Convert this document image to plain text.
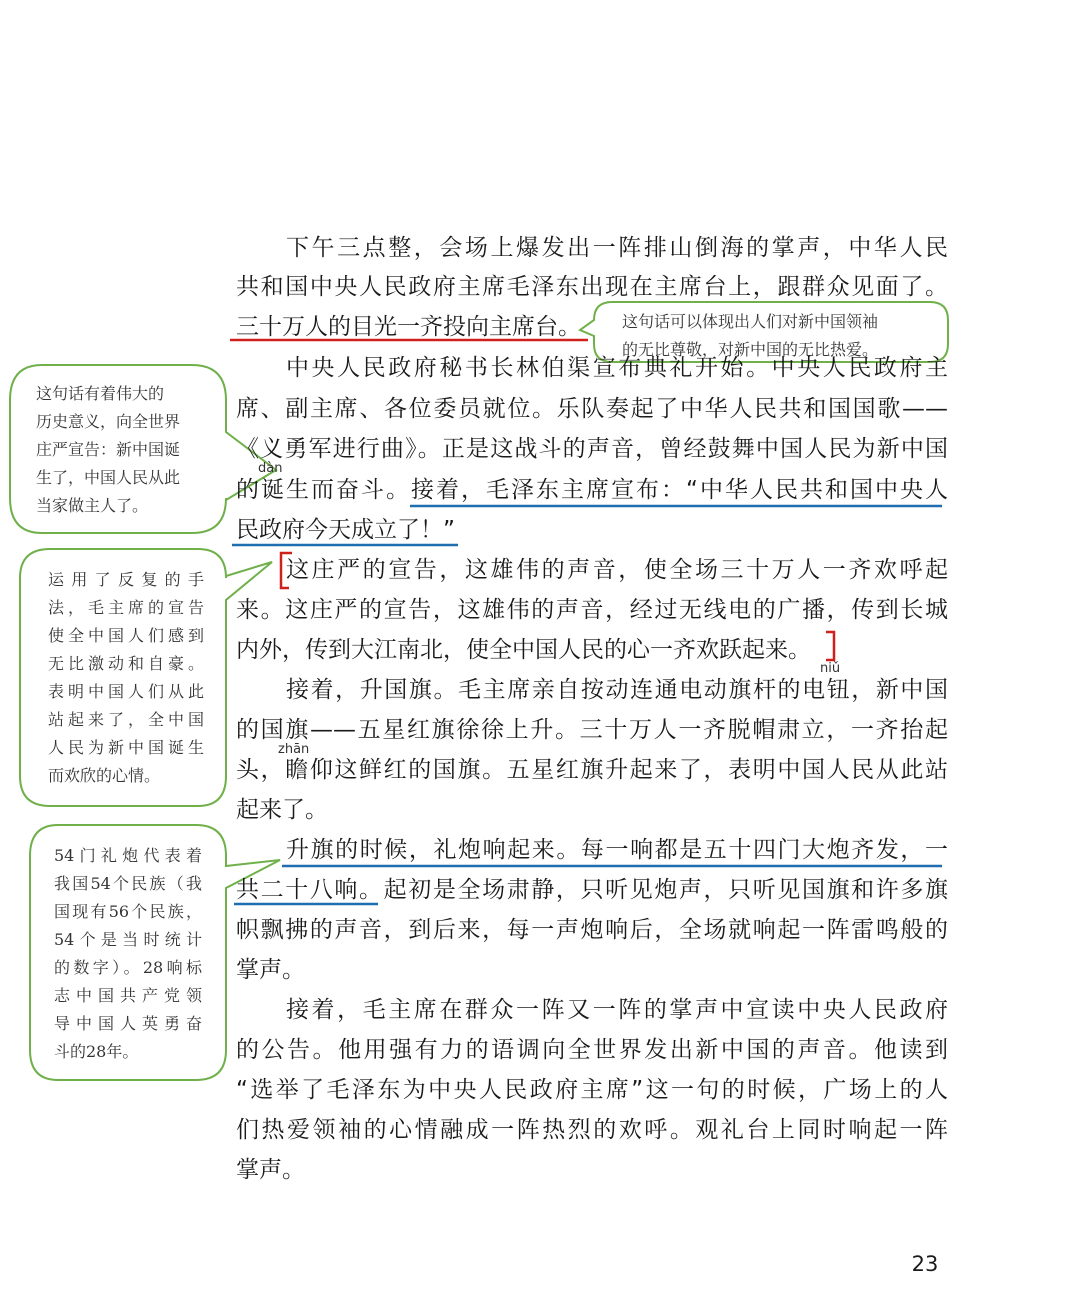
下午三点整，会场上爆发出一阵排山倒海的掌声，中华人民
共和国中央人民政府主席毛泽东出现在主席台上，跟群众见面了。
三十万人的目光一齐投向主席台。
中央人民政府秘书长林伯渠宣布典礼开始。中央人民政府主
席、副主席、各位委员就位。乐队奏起了中华人民共和国国歌——
《义勇军进行曲》。正是这战斗的声音，曾经鼓舞中国人民为新中国
的诞生而奋斗。接着，毛泽东主席宣布：“中华人民共和国中央人
民政府今天成立了！”
dàn
这庄严的宣告，这雄伟的声音，使全场三十万人一齐欢呼起
来。这庄严的宣告，这雄伟的声音，经过无线电的广播，传到长城
内外，传到大江南北，使全中国人民的心一齐欢跃起来。
niǔ
接着，升国旗。毛主席亲自按动连通电动旗杆的电钮，新中国
的国旗——五星红旗徐徐上升。三十万人一齐脱帽肃立，一齐抬起
头，瞻仰这鲜红的国旗。五星红旗升起来了，表明中国人民从此站
起来了。
zhān
升旗的时候，礼炮响起来。每一响都是五十四门大炮齐发，一
共二十八响。起初是全场肃静，只听见炮声，只听见国旗和许多旗
帜飘拂的声音，到后来，每一声炮响后，全场就响起一阵雷鸣般的
掌声。
接着，毛主席在群众一阵又一阵的掌声中宣读中央人民政府
的公告。他用强有力的语调向全世界发出新中国的声音。他读到
“选举了毛泽东为中央人民政府主席”这一句的时候，广场上的人
们热爱领袖的心情融成一阵热烈的欢呼。观礼台上同时响起一阵
掌声。
这句话可以体现出人们对新中国领袖
的无比尊敬，对新中国的无比热爱。
这句话有着伟大的
历史意义，向全世界
庄严宣告：新中国诞
生了，中国人民从此
当家做主人了。
运用了反复的手
法，毛主席的宣告
使全中国人们感到
无比激动和自豪。
表明中国人们从此
站起来了，全中国
人民为新中国诞生
而欢欣的心情。
54门礼炮代表着
我国54个民族（我
国现有56个民族，
54个是当时统计
的数字）。28响标
志中国共产党领
导中国人英勇奋
斗的28年。
23
